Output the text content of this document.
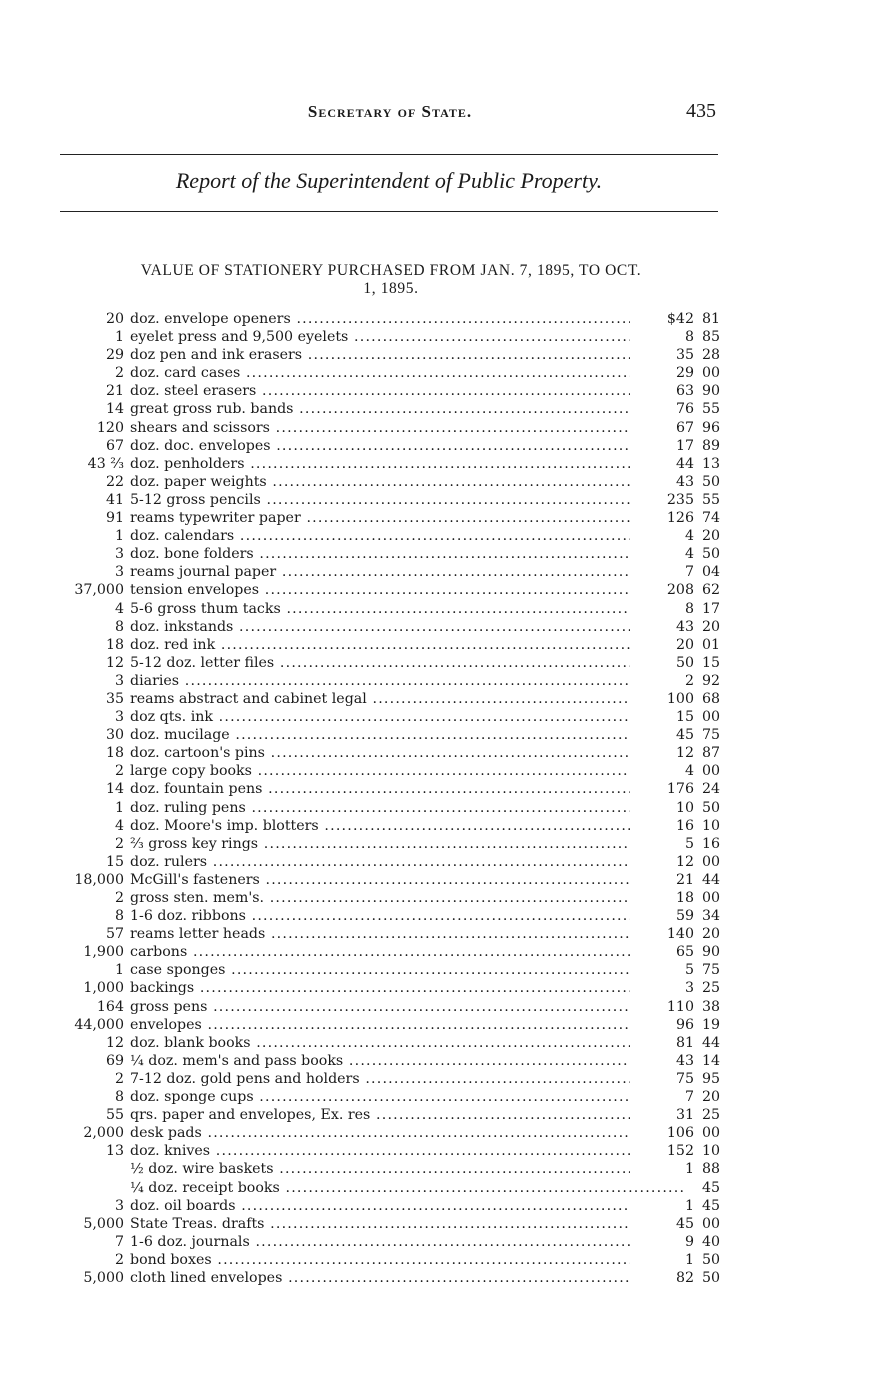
Secretary of State.	435
Report of the Superintendent of Public Property.
VALUE OF STATIONERY PURCHASED FROM JAN. 7, 1895, TO OCT.
1, 1895.
20 doz. envelope openers .....	$42 81
1 eyelet press and 9,500 eyelets .....	8 85
29 doz pen and ink erasers .....	35 28
2 doz. card cases .....	29 00
21 doz. steel erasers .....	63 90
14 great gross rub. bands .....	76 55
120 shears and scissors .....	67 96
67 doz. doc. envelopes .....	17 89
43 ⅔ doz. penholders .....	44 13
22 doz. paper weights .....	43 50
41 5-12 gross pencils .....	235 55
91 reams typewriter paper .....	126 74
1 doz. calendars .....	4 20
3 doz. bone folders .....	4 50
3 reams journal paper .....	7 04
37,000 tension envelopes .....	208 62
4 5-6 gross thum tacks .....	8 17
8 doz. inkstands .....	43 20
18 doz. red ink .....	20 01
12 5-12 doz. letter files .....	50 15
3 diaries .....	2 92
35 reams abstract and cabinet legal .....	100 68
3 doz qts. ink .....	15 00
30 doz. mucilage .....	45 75
18 doz. cartoon's pins .....	12 87
2 large copy books .....	4 00
14 doz. fountain pens .....	176 24
1 doz. ruling pens .....	10 50
4 doz. Moore's imp. blotters .....	16 10
2 ⅔ gross key rings .....	5 16
15 doz. rulers .....	12 00
18,000 McGill's fasteners .....	21 44
2 gross sten. mem's. .....	18 00
8 1-6 doz. ribbons .....	59 34
57 reams letter heads .....	140 20
1,900 carbons .....	65 90
1 case sponges .....	5 75
1,000 backings .....	3 25
164 gross pens .....	110 38
44,000 envelopes .....	96 19
12 doz. blank books .....	81 44
69 ¼ doz. mem's and pass books .....	43 14
2 7-12 doz. gold pens and holders .....	75 95
8 doz. sponge cups .....	7 20
55 qrs. paper and envelopes, Ex. res .....	31 25
2,000 desk pads .....	106 00
13 doz. knives .....	152 10
½ doz. wire baskets .....	1 88
¼ doz. receipt books .....	45
3 doz. oil boards .....	1 45
5,000 State Treas. drafts .....	45 00
7 1-6 doz. journals .....	9 40
2 bond boxes .....	1 50
5,000 cloth lined envelopes .....	82 50
